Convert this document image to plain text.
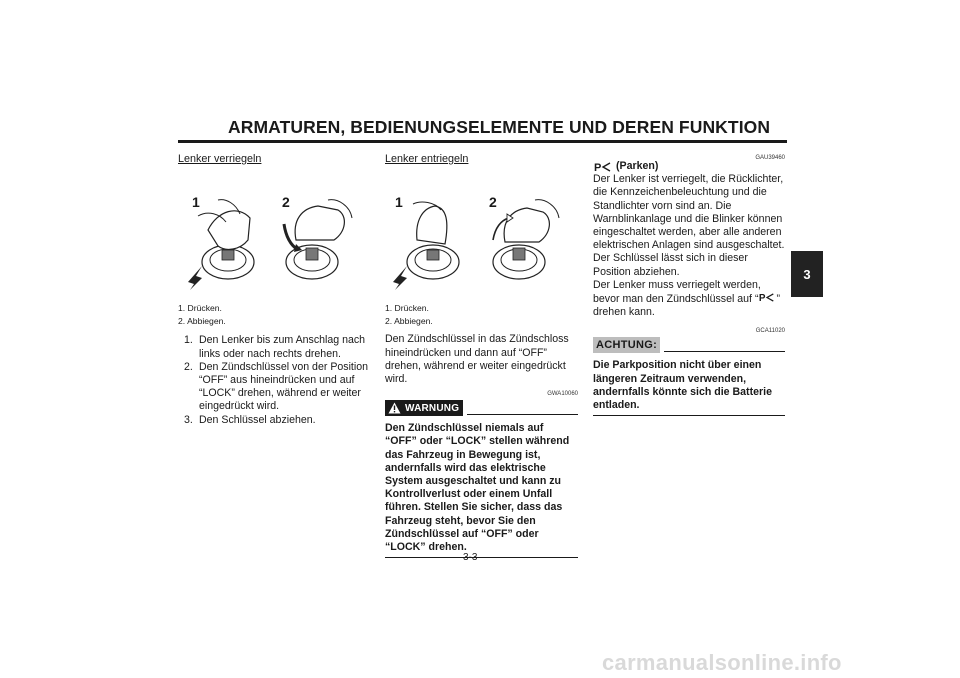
ARMATUREN, BEDIENUNGSELEMENTE UND DEREN FUNKTION
3
Lenker verriegeln
1	2
1. Drücken.
2. Abbiegen.
1. Den Lenker bis zum Anschlag nach links oder nach rechts drehen.
2. Den Zündschlüssel von der Position “OFF” aus hineindrücken und auf “LOCK” drehen, während er weiter eingedrückt wird.
3. Den Schlüssel abziehen.
Lenker entriegeln
1	2
1. Drücken.
2. Abbiegen.
Den Zündschlüssel in das Zündschloss hineindrücken und dann auf “OFF” drehen, während er weiter eingedrückt wird.
GWA10060
WARNUNG
Den Zündschlüssel niemals auf “OFF” oder “LOCK” stellen während das Fahrzeug in Bewegung ist, andernfalls wird das elektrische System ausgeschaltet und kann zu Kontrollverlust oder einem Unfall führen. Stellen Sie sicher, dass das Fahrzeug steht, bevor Sie den Zündschlüssel auf “OFF” oder “LOCK” drehen.
GAU39460
P (Parken)
Der Lenker ist verriegelt, die Rücklichter, die Kennzeichenbeleuchtung und die Standlichter vorn sind an. Die Warnblinkanlage und die Blinker können eingeschaltet werden, aber alle anderen elektrischen Anlagen sind ausgeschaltet. Der Schlüssel lässt sich in dieser Position abziehen.
Der Lenker muss verriegelt werden, bevor man den Zündschlüssel auf “ P ” drehen kann.
GCA11020
ACHTUNG:
Die Parkposition nicht über einen längeren Zeitraum verwenden, andernfalls könnte sich die Batterie entladen.
3-3
carmanualsonline.info
